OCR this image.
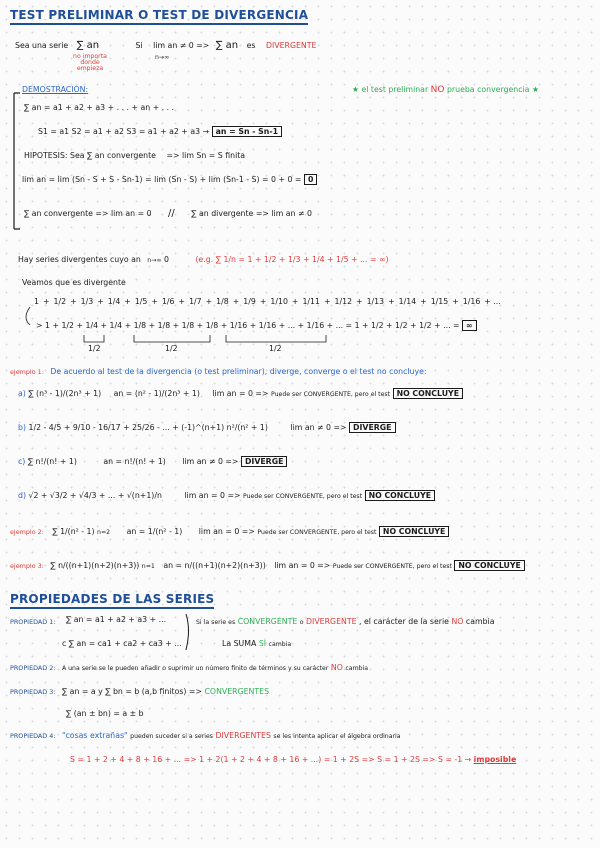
TEST PRELIMINAR O TEST DE DIVERGENCIA
Sea una serie ∑ an	Si lim an ≠ 0 => ∑ an es DIVERGENTE
no importa donde empieza
n→∞
DEMOSTRACIÓN:	★ el test preliminar NO prueba convergencia ★
∑ an = a1 + a2 + a3 + . . . + an + . . .
S1 = a1 S2 = a1 + a2 S3 = a1 + a2 + a3 → an = Sn - Sn-1
HIPOTESIS: Sea ∑ an convergente => lim Sn = S finita
lim an = lim (Sn - S + S - Sn-1) = lim (Sn - S) + lim (Sn-1 - S) = 0 + 0 = 0
∑ an convergente => lim an = 0 // ∑ an divergente => lim an ≠ 0
Hay series divergentes cuyo an n→∞ 0	(e.g. ∑ 1/n = 1 + 1/2 + 1/3 + 1/4 + 1/5 + ... = ∞)
Veamos que es divergente
1 + 1/2 + 1/3 + 1/4 + 1/5 + 1/6 + 1/7 + 1/8 + 1/9 + 1/10 + 1/11 + 1/12 + 1/13 + 1/14 + 1/15 + 1/16 + ...
> 1 + 1/2 + 1/4 + 1/4 + 1/8 + 1/8 + 1/8 + 1/8 + 1/16 + 1/16 + ... + 1/16 + ... = 1 + 1/2 + 1/2 + 1/2 + ... = ∞
1/2	1/2	1/2
ejemplo 1: De acuerdo al test de la divergencia (o test preliminar), diverge, converge o el test no concluye:
a) ∑ (n³ - 1)/(2n³ + 1) an = (n² - 1)/(2n³ + 1) lim an = 0 => Puede ser CONVERGENTE, pero el test NO CONCLUYE
b) 1/2 - 4/5 + 9/10 - 16/17 + 25/26 - ... + (-1)^(n+1) n²/(n² + 1)	lim an ≠ 0 => DIVERGE
c) ∑ n!/(n! + 1)	an = n!/(n! + 1) lim an ≠ 0 => DIVERGE
d) √2 + √3/2 + √4/3 + ... + √(n+1)/n	lim an = 0 => Puede ser CONVERGENTE, pero el test NO CONCLUYE
ejemplo 2: ∑ 1/(n² - 1) n=2 an = 1/(n² - 1) lim an = 0 => Puede ser CONVERGENTE, pero el test NO CONCLUYE
ejemplo 3: ∑ n/((n+1)(n+2)(n+3)) n=1 an = n/((n+1)(n+2)(n+3)) lim an = 0 => Puede ser CONVERGENTE, pero el test NO CONCLUYE
PROPIEDADES DE LAS SERIES
PROPIEDAD 1: ∑ an = a1 + a2 + a3 + ...
c ∑ an = ca1 + ca2 + ca3 + ...
Si la serie es CONVERGENTE o DIVERGENTE , el carácter de la serie NO cambia
La SUMA SÍ cambia
PROPIEDAD 2: A una serie se le pueden añadir o suprimir un número finito de términos y su carácter NO cambia
PROPIEDAD 3: ∑ an = a y ∑ bn = b (a,b finitos) => CONVERGENTES
∑ (an ± bn) = a ± b
PROPIEDAD 4: "cosas extrañas" pueden suceder si a series DIVERGENTES se les intenta aplicar el álgebra ordinaria
S = 1 + 2 + 4 + 8 + 16 + ... => 1 + 2(1 + 2 + 4 + 8 + 16 + ...) = 1 + 2S => S = 1 + 2S => S = -1 → imposible
